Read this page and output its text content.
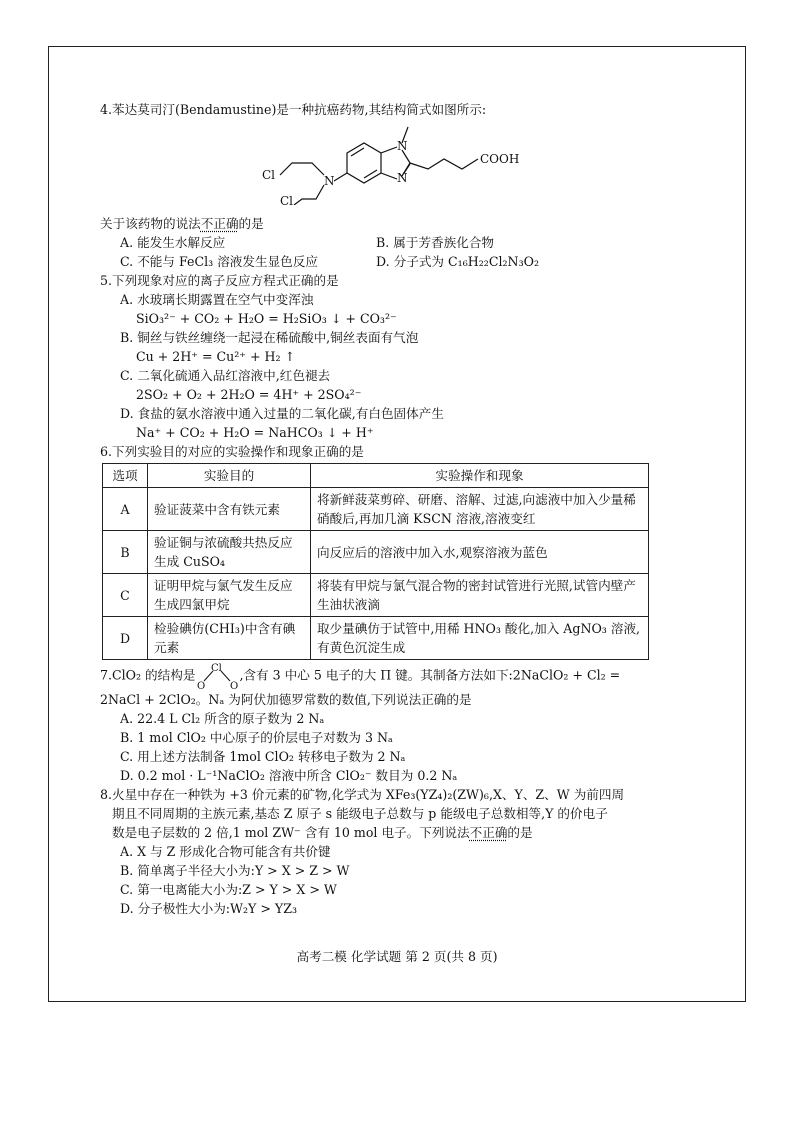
4.苯达莫司汀(Bendamustine)是一种抗癌药物,其结构简式如图所示:

N
N
N
Cl
Cl
COOH

关于该药物的说法不正确的是

A. 能发生水解反应	B. 属于芳香族化合物
C. 不能与 FeCl₃ 溶液发生显色反应	D. 分子式为 C₁₆H₂₂Cl₂N₃O₂

5.下列现象对应的离子反应方程式正确的是

A. 水玻璃长期露置在空气中变浑浊
SiO₃²⁻ + CO₂ + H₂O = H₂SiO₃ ↓ + CO₃²⁻
B. 铜丝与铁丝缠绕一起浸在稀硫酸中,铜丝表面有气泡
Cu + 2H⁺ = Cu²⁺ + H₂ ↑
C. 二氧化硫通入品红溶液中,红色褪去
2SO₂ + O₂ + 2H₂O = 4H⁺ + 2SO₄²⁻
D. 食盐的氨水溶液中通入过量的二氧化碳,有白色固体产生
Na⁺ + CO₂ + H₂O = NaHCO₃ ↓ + H⁺

6.下列实验目的对应的实验操作和现象正确的是

选项	实验目的	实验操作和现象
A	验证菠菜中含有铁元素	将新鲜菠菜剪碎、研磨、溶解、过滤,向滤液中加入少量稀硝酸后,再加几滴 KSCN 溶液,溶液变红
B	验证铜与浓硫酸共热反应生成 CuSO₄	向反应后的溶液中加入水,观察溶液为蓝色
C	证明甲烷与氯气发生反应生成四氯甲烷	将装有甲烷与氯气混合物的密封试管进行光照,试管内壁产生油状液滴
D	检验碘仿(CHI₃)中含有碘元素	取少量碘仿于试管中,用稀 HNO₃ 酸化,加入 AgNO₃ 溶液,有黄色沉淀生成

7.ClO₂ 的结构是 Cl
O O
,含有 3 中心 5 电子的大 Π 键。其制备方法如下:2NaClO₂ + Cl₂ =

2NaCl + 2ClO₂。Nₐ 为阿伏加德罗常数的数值,下列说法正确的是

A. 22.4 L Cl₂ 所含的原子数为 2 Nₐ
B. 1 mol ClO₂ 中心原子的价层电子对数为 3 Nₐ
C. 用上述方法制备 1mol ClO₂ 转移电子数为 2 Nₐ
D. 0.2 mol · L⁻¹NaClO₂ 溶液中所含 ClO₂⁻ 数目为 0.2 Nₐ

8.火星中存在一种铁为 +3 价元素的矿物,化学式为 XFe₃(YZ₄)₂(ZW)₆,X、Y、Z、W 为前四周

期且不同周期的主族元素,基态 Z 原子 s 能级电子总数与 p 能级电子总数相等,Y 的价电子

数是电子层数的 2 倍,1 mol ZW⁻ 含有 10 mol 电子。下列说法不正确的是

A. X 与 Z 形成化合物可能含有共价键
B. 简单离子半径大小为:Y > X > Z > W
C. 第一电离能大小为:Z > Y > X > W
D. 分子极性大小为:W₂Y > YZ₃
高考二模 化学试题 第 2 页(共 8 页)
